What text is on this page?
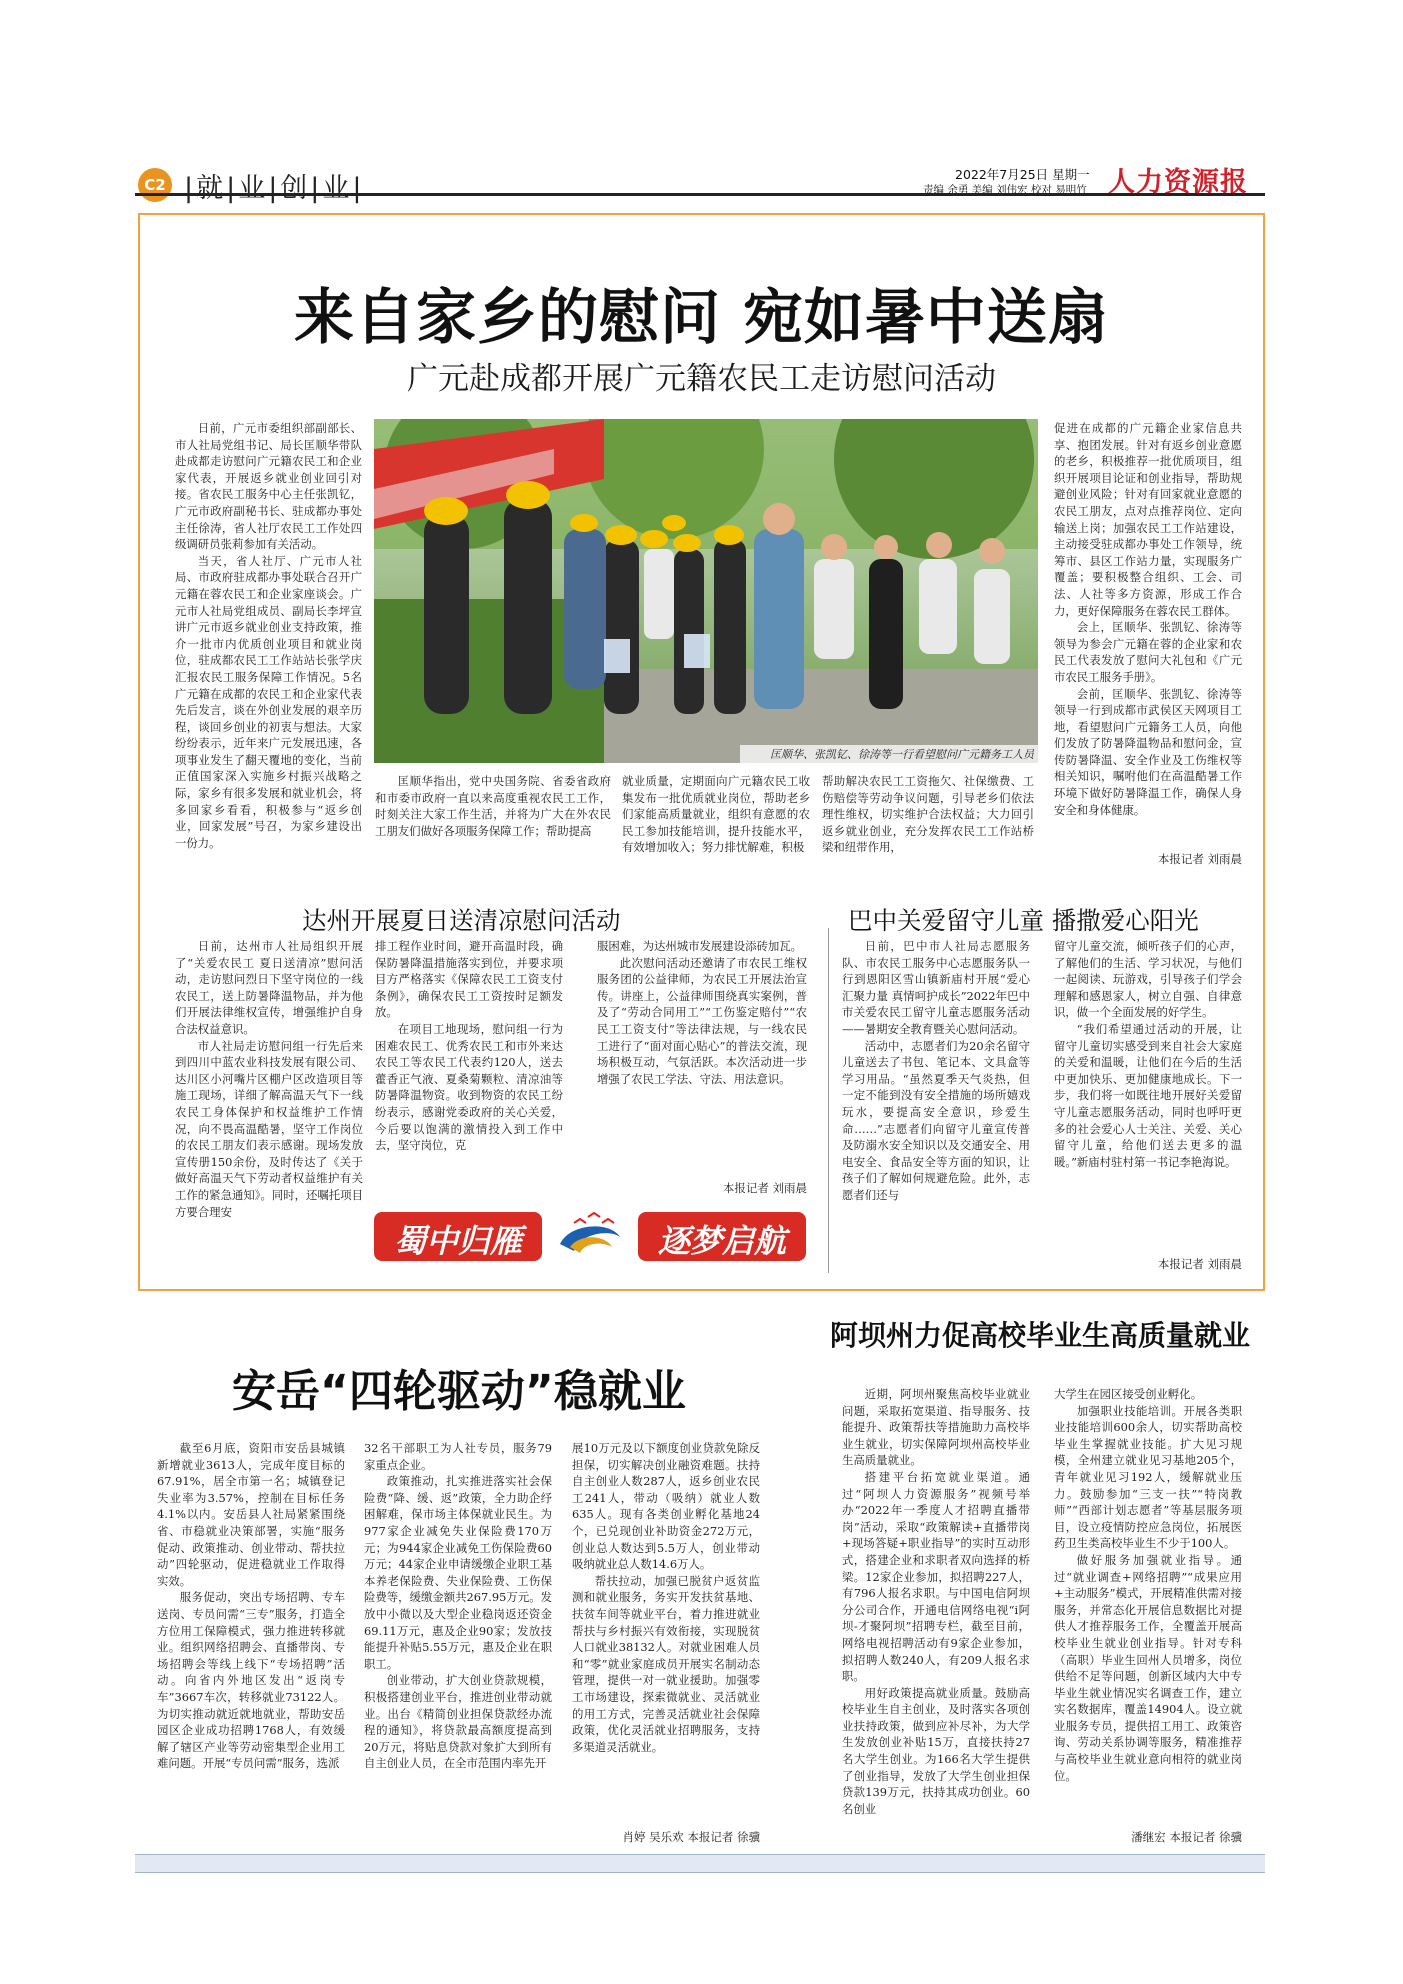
C2 |就|业|创|业|	2022年7月25日 星期一
责编 余勇 美编 刘伟宏 校对 易明竹 人力资源报
来自家乡的慰问 宛如暑中送扇
广元赴成都开展广元籍农民工走访慰问活动

日前，广元市委组织部副部长、市人社局党组书记、局长匡顺华带队赴成都走访慰问广元籍农民工和企业家代表，开展返乡就业创业回引对接。省农民工服务中心主任张凯钇，广元市政府副秘书长、驻成都办事处主任徐涛，省人社厅农民工工作处四级调研员张莉参加有关活动。

当天，省人社厅、广元市人社局、市政府驻成都办事处联合召开广元籍在蓉农民工和企业家座谈会。广元市人社局党组成员、副局长李坪宣讲广元市返乡就业创业支持政策，推介一批市内优质创业项目和就业岗位，驻成都农民工工作站站长张学庆汇报农民工服务保障工作情况。5名广元籍在成都的农民工和企业家代表先后发言，谈在外创业发展的艰辛历程，谈回乡创业的初衷与想法。大家纷纷表示，近年来广元发展迅速，各项事业发生了翻天覆地的变化，当前正值国家深入实施乡村振兴战略之际，家乡有很多发展和就业机会，将多回家乡看看，积极参与“返乡创业，回家发展”号召，为家乡建设出一份力。

匡顺华、张凯钇、徐涛等一行看望慰问广元籍务工人员

匡顺华指出，党中央国务院、省委省政府和市委市政府一直以来高度重视农民工工作，时刻关注大家工作生活，并将为广大在外农民工朋友们做好各项服务保障工作；帮助提高

就业质量，定期面向广元籍农民工收集发布一批优质就业岗位，帮助老乡们家能高质量就业，组织有意愿的农民工参加技能培训，提升技能水平，有效增加收入；努力排忧解难，积极

帮助解决农民工工资拖欠、社保缴费、工伤赔偿等劳动争议问题，引导老乡们依法理性维权，切实维护合法权益；大力回引返乡就业创业，充分发挥农民工工作站桥梁和纽带作用，

促进在成都的广元籍企业家信息共享、抱团发展。针对有返乡创业意愿的老乡，积极推荐一批优质项目，组织开展项目论证和创业指导，帮助规避创业风险；针对有回家就业意愿的农民工朋友，点对点推荐岗位、定向输送上岗；加强农民工工作站建设，主动接受驻成都办事处工作领导，统筹市、县区工作站力量，实现服务广覆盖；要积极整合组织、工会、司法、人社等多方资源，形成工作合力，更好保障服务在蓉农民工群体。

会上，匡顺华、张凯钇、徐涛等领导为参会广元籍在蓉的企业家和农民工代表发放了慰问大礼包和《广元市农民工服务手册》。

会前，匡顺华、张凯钇、徐涛等领导一行到成都市武侯区天网项目工地，看望慰问广元籍务工人员，向他们发放了防暑降温物品和慰问金，宣传防暑降温、安全作业及工伤维权等相关知识，嘱咐他们在高温酷暑工作环境下做好防暑降温工作，确保人身安全和身体健康。

本报记者 刘雨晨
达州开展夏日送清凉慰问活动

日前，达州市人社局组织开展了“关爱农民工 夏日送清凉”慰问活动，走访慰问烈日下坚守岗位的一线农民工，送上防暑降温物品，并为他们开展法律维权宣传，增强维护自身合法权益意识。

市人社局走访慰问组一行先后来到四川中蓝农业科技发展有限公司、达川区小河嘴片区棚户区改造项目等施工现场，详细了解高温天气下一线农民工身体保护和权益维护工作情况，向不畏高温酷暑，坚守工作岗位的农民工朋友们表示感谢。现场发放宣传册150余份，及时传达了《关于做好高温天气下劳动者权益维护有关工作的紧急通知》。同时，还嘱托项目方要合理安

排工程作业时间，避开高温时段，确保防暑降温措施落实到位，并要求项目方严格落实《保障农民工工资支付条例》，确保农民工工资按时足额发放。

在项目工地现场，慰问组一行为困难农民工、优秀农民工和市外来达农民工等农民工代表约120人，送去藿香正气液、夏桑菊颗粒、清凉油等防暑降温物资。收到物资的农民工纷纷表示，感谢党委政府的关心关爱，今后要以饱满的激情投入到工作中去，坚守岗位，克

服困难，为达州城市发展建设添砖加瓦。

此次慰问活动还邀请了市农民工维权服务团的公益律师，为农民工开展法治宣传。讲座上，公益律师围绕真实案例，普及了“劳动合同用工”“工伤鉴定赔付”“农民工工资支付”等法律法规，与一线农民工进行了“面对面心贴心”的普法交流，现场积极互动，气氛活跃。本次活动进一步增强了农民工学法、守法、用法意识。

本报记者 刘雨晨
蜀中归雁	逐梦启航
巴中关爱留守儿童 播撒爱心阳光

日前，巴中市人社局志愿服务队、市农民工服务中心志愿服务队一行到恩阳区雪山镇新庙村开展“爱心汇聚力量 真情呵护成长”2022年巴中市关爱农民工留守儿童志愿服务活动——暑期安全教育暨关心慰问活动。

活动中，志愿者们为20余名留守儿童送去了书包、笔记本、文具盒等学习用品。“虽然夏季天气炎热，但一定不能到没有安全措施的场所嬉戏玩水，要提高安全意识，珍爱生命……”志愿者们向留守儿童宣传普及防溺水安全知识以及交通安全、用电安全、食品安全等方面的知识，让孩子们了解如何规避危险。此外，志愿者们还与

留守儿童交流，倾听孩子们的心声，了解他们的生活、学习状况，与他们一起阅读、玩游戏，引导孩子们学会理解和感恩家人，树立自强、自律意识，做一个全面发展的好学生。

“我们希望通过活动的开展，让留守儿童切实感受到来自社会大家庭的关爱和温暖，让他们在今后的生活中更加快乐、更加健康地成长。下一步，我们将一如既往地开展好关爱留守儿童志愿服务活动，同时也呼吁更多的社会爱心人士关注、关爱、关心留守儿童，给他们送去更多的温暖。”新庙村驻村第一书记李艳海说。

本报记者 刘雨晨
安岳“四轮驱动”稳就业

截至6月底，资阳市安岳县城镇新增就业3613人，完成年度目标的67.91%，居全市第一名；城镇登记失业率为3.57%，控制在目标任务4.1%以内。安岳县人社局紧紧围绕省、市稳就业决策部署，实施“服务促动、政策推动、创业带动、帮扶拉动”四轮驱动，促进稳就业工作取得实效。

服务促动，突出专场招聘、专车送岗、专员问需“三专”服务，打造全方位用工保障模式，强力推进转移就业。组织网络招聘会、直播带岗、专场招聘会等线上线下“专场招聘”活动。向省内外地区发出“返岗专车”3667车次，转移就业73122人。为切实推动就近就地就业，帮助安岳园区企业成功招聘1768人，有效缓解了辖区产业等劳动密集型企业用工难问题。开展“专员问需”服务，选派

32名干部职工为人社专员，服务79家重点企业。

政策推动，扎实推进落实社会保险费“降、缓、返”政策，全力助企纾困解难，保市场主体保就业民生。为977家企业减免失业保险费170万元；为944家企业减免工伤保险费60万元；44家企业申请缓缴企业职工基本养老保险费、失业保险费、工伤保险费等，缓缴金额共267.95万元。发放中小微以及大型企业稳岗返还资金69.11万元，惠及企业90家；发放技能提升补贴5.55万元，惠及企业在职职工。

创业带动，扩大创业贷款规模，积极搭建创业平台，推进创业带动就业。出台《精简创业担保贷款经办流程的通知》，将贷款最高额度提高到20万元，将贴息贷款对象扩大到所有自主创业人员，在全市范围内率先开

展10万元及以下额度创业贷款免除反担保，切实解决创业融资难题。扶持自主创业人数287人，返乡创业农民工241人，带动（吸纳）就业人数635人。现有各类创业孵化基地24个，已兑现创业补助资金272万元，创业总人数达到5.5万人，创业带动吸纳就业总人数14.6万人。

帮扶拉动，加强已脱贫户返贫监测和就业服务，务实开发扶贫基地、扶贫车间等就业平台，着力推进就业帮扶与乡村振兴有效衔接，实现脱贫人口就业38132人。对就业困难人员和“零”就业家庭成员开展实名制动态管理，提供一对一就业援助。加强零工市场建设，探索微就业、灵活就业的用工方式，完善灵活就业社会保障政策，优化灵活就业招聘服务，支持多渠道灵活就业。

肖婷 吴乐欢 本报记者 徐骥
阿坝州力促高校毕业生高质量就业

近期，阿坝州聚焦高校毕业就业问题，采取拓宽渠道、指导服务、技能提升、政策帮扶等措施助力高校毕业生就业，切实保障阿坝州高校毕业生高质量就业。

搭建平台拓宽就业渠道。通过“阿坝人力资源服务”视频号举办“2022年一季度人才招聘直播带岗”活动，采取“政策解读+直播带岗+现场答疑+职业指导”的实时互动形式，搭建企业和求职者双向选择的桥梁。12家企业参加，拟招聘227人，有796人报名求职。与中国电信阿坝分公司合作，开通电信网络电视“i阿坝-才聚阿坝”招聘专栏，截至目前，网络电视招聘活动有9家企业参加，拟招聘人数240人，有209人报名求职。

用好政策提高就业质量。鼓励高校毕业生自主创业，及时落实各项创业扶持政策，做到应补尽补，为大学生发放创业补贴15万，直接扶持27名大学生创业。为166名大学生提供了创业指导，发放了大学生创业担保贷款139万元，扶持其成功创业。60名创业

大学生在园区接受创业孵化。

加强职业技能培训。开展各类职业技能培训600余人，切实帮助高校毕业生掌握就业技能。扩大见习规模，全州建立就业见习基地205个，青年就业见习192人，缓解就业压力。鼓励参加“三支一扶”“特岗教师”“西部计划志愿者”等基层服务项目，设立疫情防控应急岗位，拓展医药卫生类高校毕业生不少于100人。

做好服务加强就业指导。通过“就业调查+网络招聘”“成果应用+主动服务”模式，开展精准供需对接服务，并常态化开展信息数据比对提供人才推荐服务工作，全覆盖开展高校毕业生就业创业指导。针对专科（高职）毕业生回州人员增多，岗位供给不足等问题，创新区域内大中专毕业生就业情况实名调查工作，建立实名数据库，覆盖14904人。设立就业服务专员，提供招工用工、政策咨询、劳动关系协调等服务，精准推荐与高校毕业生就业意向相符的就业岗位。

潘继宏 本报记者 徐骥
